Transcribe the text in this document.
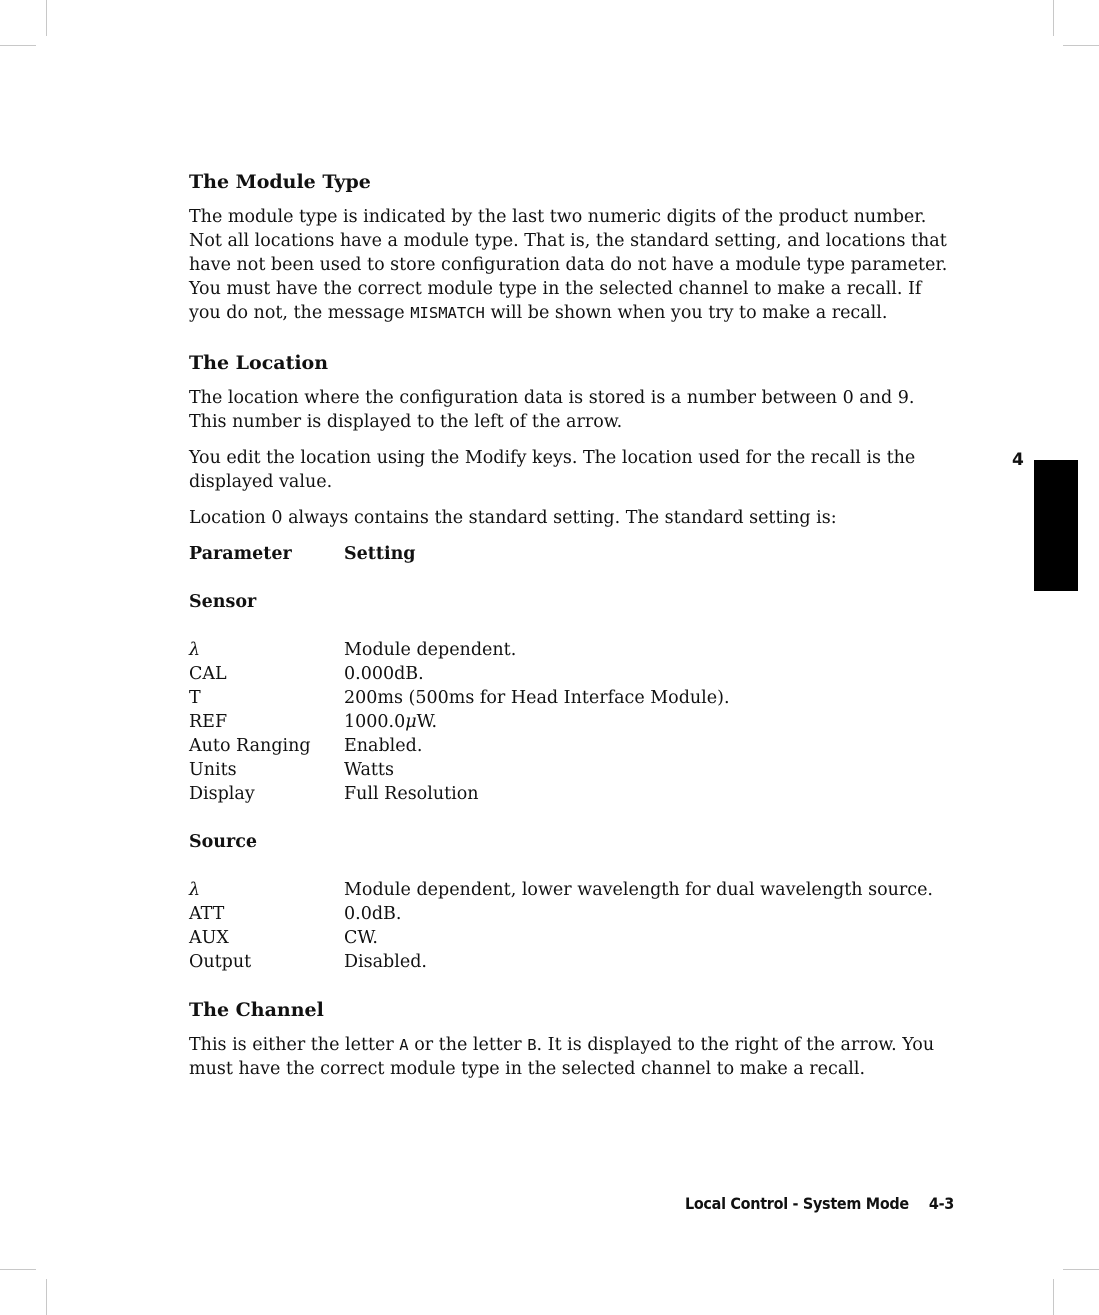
The Module Type

The module type is indicated by the last two numeric digits of the product number. Not all locations have a module type. That is, the standard setting, and locations that have not been used to store configuration data do not have a module type parameter. You must have the correct module type in the selected channel to make a recall. If you do not, the message MISMATCH will be shown when you try to make a recall.

The Location

The location where the configuration data is stored is a number between 0 and 9. This number is displayed to the left of the arrow.

You edit the location using the Modify keys. The location used for the recall is the displayed value.

Location 0 always contains the standard setting. The standard setting is:

Parameter	Setting
Sensor
λ	Module dependent.
CAL	0.000dB.
T	200ms (500ms for Head Interface Module).
REF	1000.0μW.
Auto Ranging	Enabled.
Units	Watts
Display	Full Resolution
Source
λ	Module dependent, lower wavelength for dual wavelength source.
ATT	0.0dB.
AUX	CW.
Output	Disabled.
The Channel

This is either the letter A or the letter B. It is displayed to the right of the arrow. You must have the correct module type in the selected channel to make a recall.

4
Local Control - System Mode 4-3
